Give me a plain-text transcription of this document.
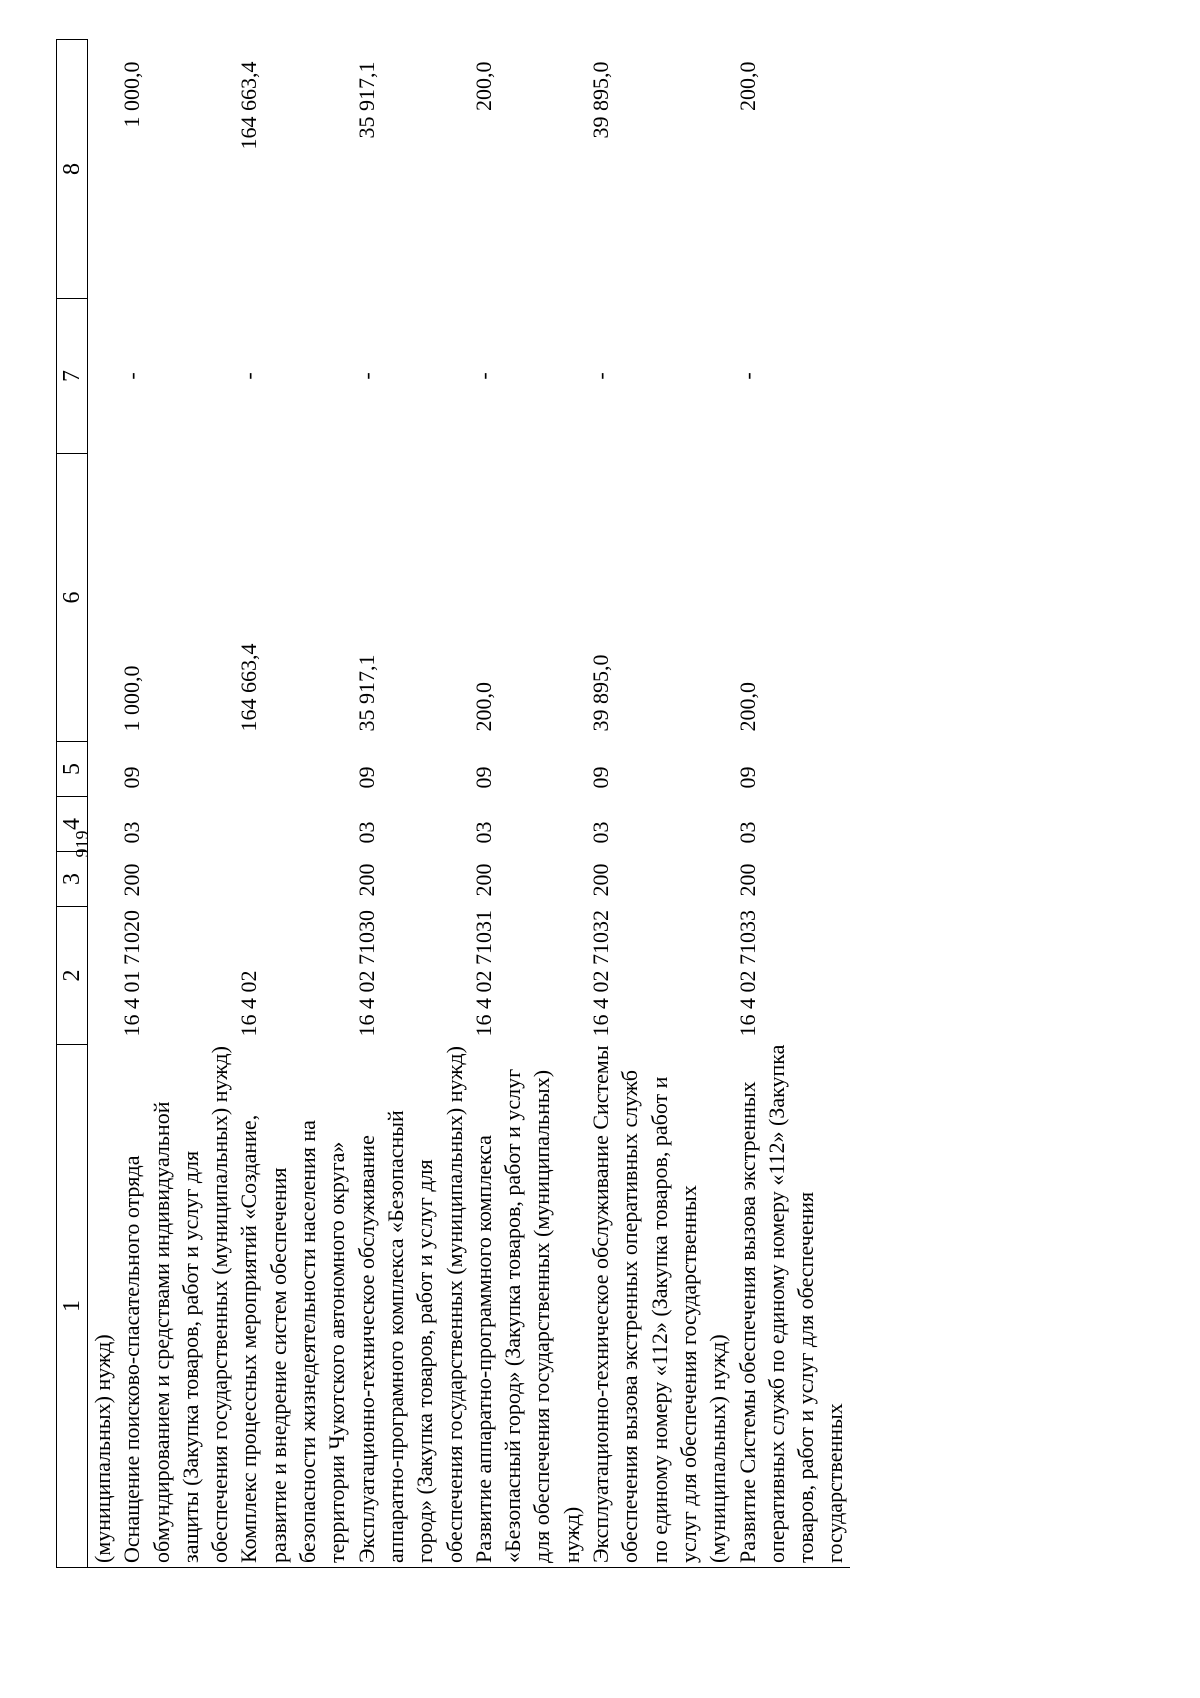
919
1	2	3	4	5	6	7	8
(муниципальных) нужд)							
Оснащение поисково-спасательного отряда обмундированием и средствами индивидуальной защиты (Закупка товаров, работ и услуг для обеспечения государственных (муниципальных) нужд)	16 4 01 71020	200	03	09	1 000,0	-	1 000,0
Комплекс процессных мероприятий «Создание, развитие и внедрение систем обеспечения безопасности жизнедеятельности населения на территории Чукотского автономного округа»	16 4 02				164 663,4	-	164 663,4
Эксплуатационно-техническое обслуживание аппаратно-програмного комплекса «Безопасный город» (Закупка товаров, работ и услуг для обеспечения государственных (муниципальных) нужд)	16 4 02 71030	200	03	09	35 917,1	-	35 917,1
Развитие аппаратно-программного комплекса «Безопасный город» (Закупка товаров, работ и услуг для обеспечения государственных (муниципальных) нужд)	16 4 02 71031	200	03	09	200,0	-	200,0
Эксплуатационно-техническое обслуживание Системы обеспечения вызова экстренных оперативных служб по единому номеру «112» (Закупка товаров, работ и услуг для обеспечения государственных (муниципальных) нужд)	16 4 02 71032	200	03	09	39 895,0	-	39 895,0
Развитие Системы обеспечения вызова экстренных оперативных служб по единому номеру «112» (Закупка товаров, работ и услуг для обеспечения государственных	16 4 02 71033	200	03	09	200,0	-	200,0
